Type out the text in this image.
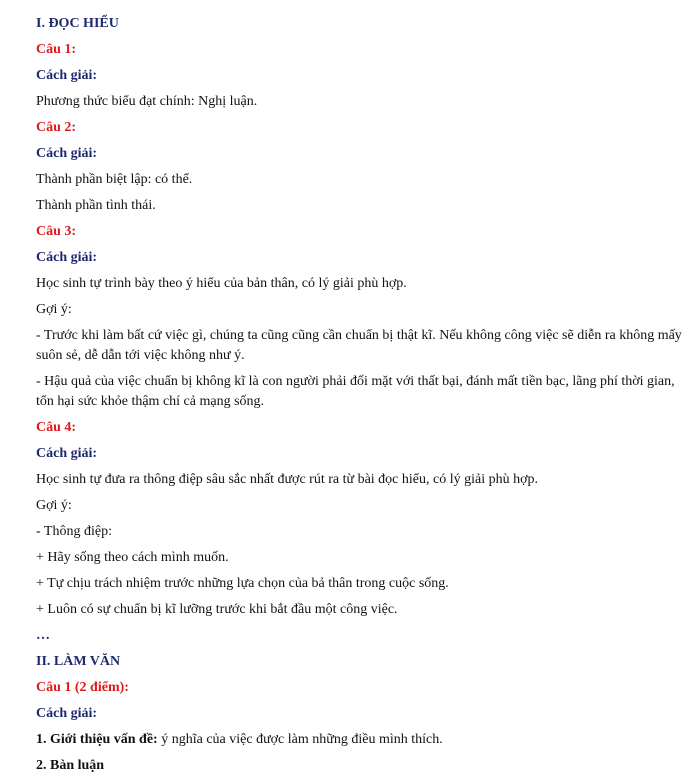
I. ĐỌC HIỂU

Câu 1:

Cách giải:

Phương thức biểu đạt chính: Nghị luận.

Câu 2:

Cách giải:

Thành phần biệt lập: có thể.

Thành phần tình thái.

Câu 3:

Cách giải:

Học sinh tự trình bày theo ý hiểu của bản thân, có lý giải phù hợp.

Gợi ý:

- Trước khi làm bất cứ việc gì, chúng ta cũng cũng cần chuẩn bị thật kĩ. Nếu không công việc sẽ diễn ra không mấy suôn sẻ, dễ dẫn tới việc không như ý.

- Hậu quả của việc chuẩn bị không kĩ là con người phải đối mặt với thất bại, đánh mất tiền bạc, lãng phí thời gian, tổn hại sức khỏe thậm chí cả mạng sống.

Câu 4:

Cách giải:

Học sinh tự đưa ra thông điệp sâu sắc nhất được rút ra từ bài đọc hiểu, có lý giải phù hợp.

Gợi ý:

- Thông điệp:

+ Hãy sống theo cách mình muốn.

+ Tự chịu trách nhiệm trước những lựa chọn của bả thân trong cuộc sống.

+ Luôn có sự chuẩn bị kĩ lưỡng trước khi bắt đầu một công việc.

…

II. LÀM VĂN

Câu 1 (2 điểm):

Cách giải:

1. Giới thiệu vấn đề: ý nghĩa của việc được làm những điều mình thích.

2. Bàn luận
